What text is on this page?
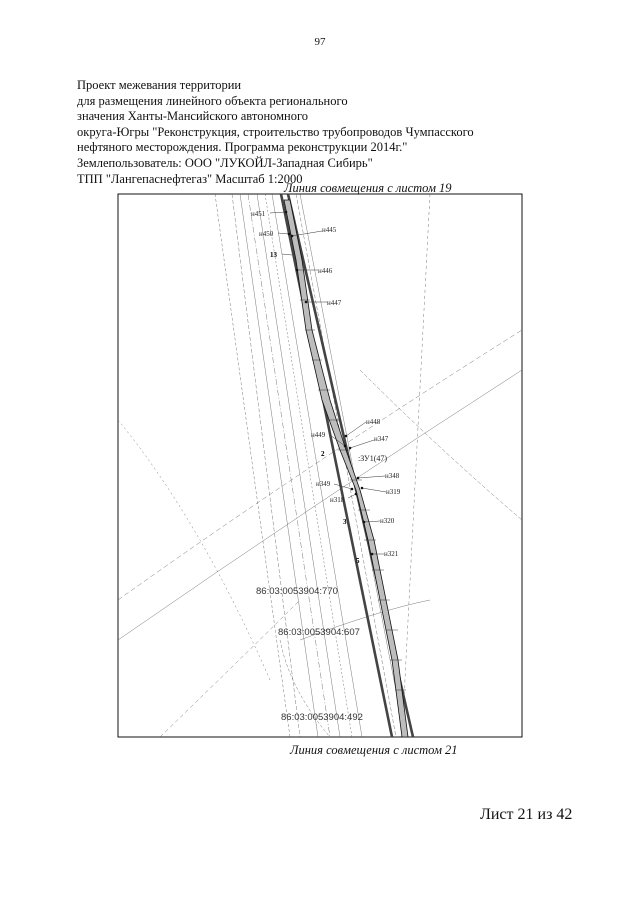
97
Проект межевания территории
для размещения линейного объекта регионального
значения Ханты-Мансийского автономного
округа-Югры "Реконструкция, строительство трубопроводов Чумпасского
нефтяного месторождения. Программа реконструкции 2014г."
Землепользователь: ООО "ЛУКОЙЛ-Западная Сибирь"
ТПП "Лангепаснефтегаз" Масштаб 1:2000
Линия совмещения с листом 19
н451
н450	н445
13
н446
н447
н448
н449	н347
2	:ЗУ1(47)
н348
н349
н319
н318
3	н320
н321
5
86:03:0053904:770
86:03:0053904:607
86:03:0053904:492
Линия совмещения с листом 21
Лист 21 из 42
